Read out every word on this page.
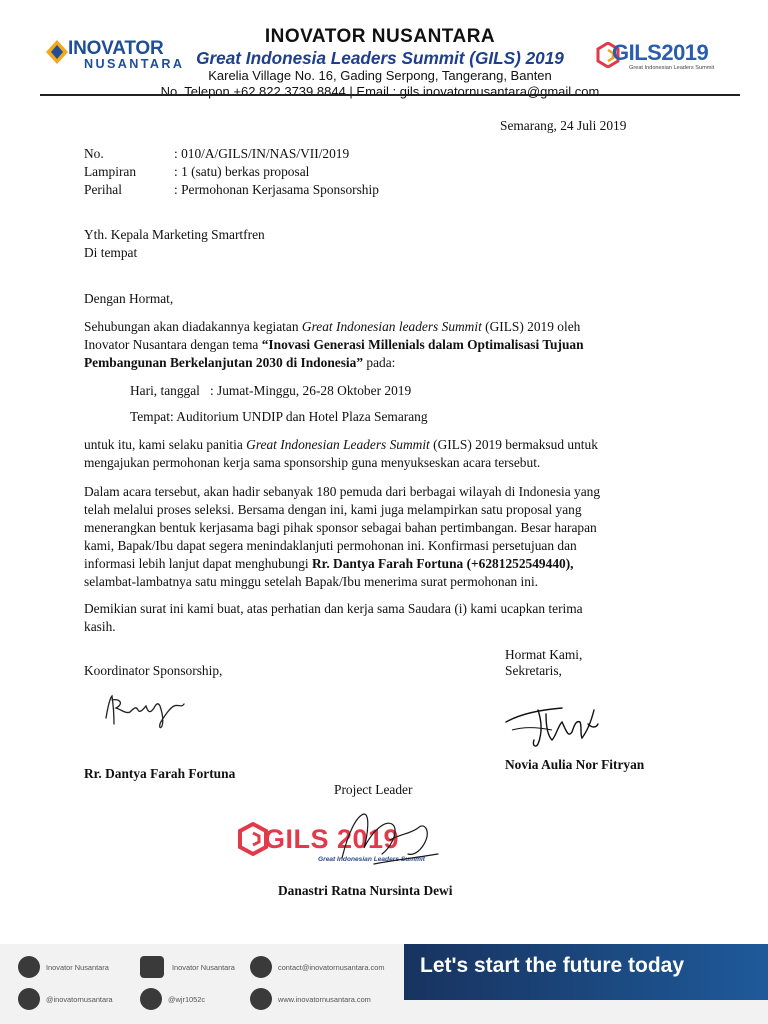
INOVATOR
NUSANTARA
INOVATOR NUSANTARA
Great Indonesia Leaders Summit (GILS) 2019
Karelia Village No. 16, Gading Serpong, Tangerang, Banten
No. Telepon +62 822 3739 8844 | Email : gils.inovatornusantara@gmail.com
GILS2019
Great Indonesian Leaders Summit
Semarang, 24 Juli 2019
No.	: 010/A/GILS/IN/NAS/VII/2019
Lampiran	: 1 (satu) berkas proposal
Perihal	: Permohonan Kerjasama Sponsorship
Yth. Kepala Marketing Smartfren
Di tempat
Dengan Hormat,
Sehubungan akan diadakannya kegiatan Great Indonesian leaders Summit (GILS) 2019 oleh
Inovator Nusantara dengan tema “Inovasi Generasi Millenials dalam Optimalisasi Tujuan
Pembangunan Berkelanjutan 2030 di Indonesia” pada:
Hari, tanggal   : Jumat-Minggu, 26-28 Oktober 2019
Tempat: Auditorium UNDIP dan Hotel Plaza Semarang
untuk itu, kami selaku panitia Great Indonesian Leaders Summit (GILS) 2019 bermaksud untuk
mengajukan permohonan kerja sama sponsorship guna menyukseskan acara tersebut.
Dalam acara tersebut, akan hadir sebanyak 180 pemuda dari berbagai wilayah di Indonesia yang
telah melalui proses seleksi. Bersama dengan ini, kami juga melampirkan satu proposal yang
menerangkan bentuk kerjasama bagi pihak sponsor sebagai bahan pertimbangan. Besar harapan
kami, Bapak/Ibu dapat segera menindaklanjuti permohonan ini. Konfirmasi persetujuan dan
informasi lebih lanjut dapat menghubungi Rr. Dantya Farah Fortuna (+6281252549440),
selambat-lambatnya satu minggu setelah Bapak/Ibu menerima surat permohonan ini.
Demikian surat ini kami buat, atas perhatian dan kerja sama Saudara (i) kami ucapkan terima
kasih.
Hormat Kami,
Sekretaris,
Koordinator Sponsorship,
Rr. Dantya Farah Fortuna
Novia Aulia Nor Fitryan
Project Leader
GILS 2019
Great Indonesian Leaders Summit
Danastri Ratna Nursinta Dewi
Inovator Nusantara	Inovator Nusantara	contact@inovatornusantara.com
@inovatornusantara	@wjr1052c	www.inovatornusantara.com
Let's start the future today
